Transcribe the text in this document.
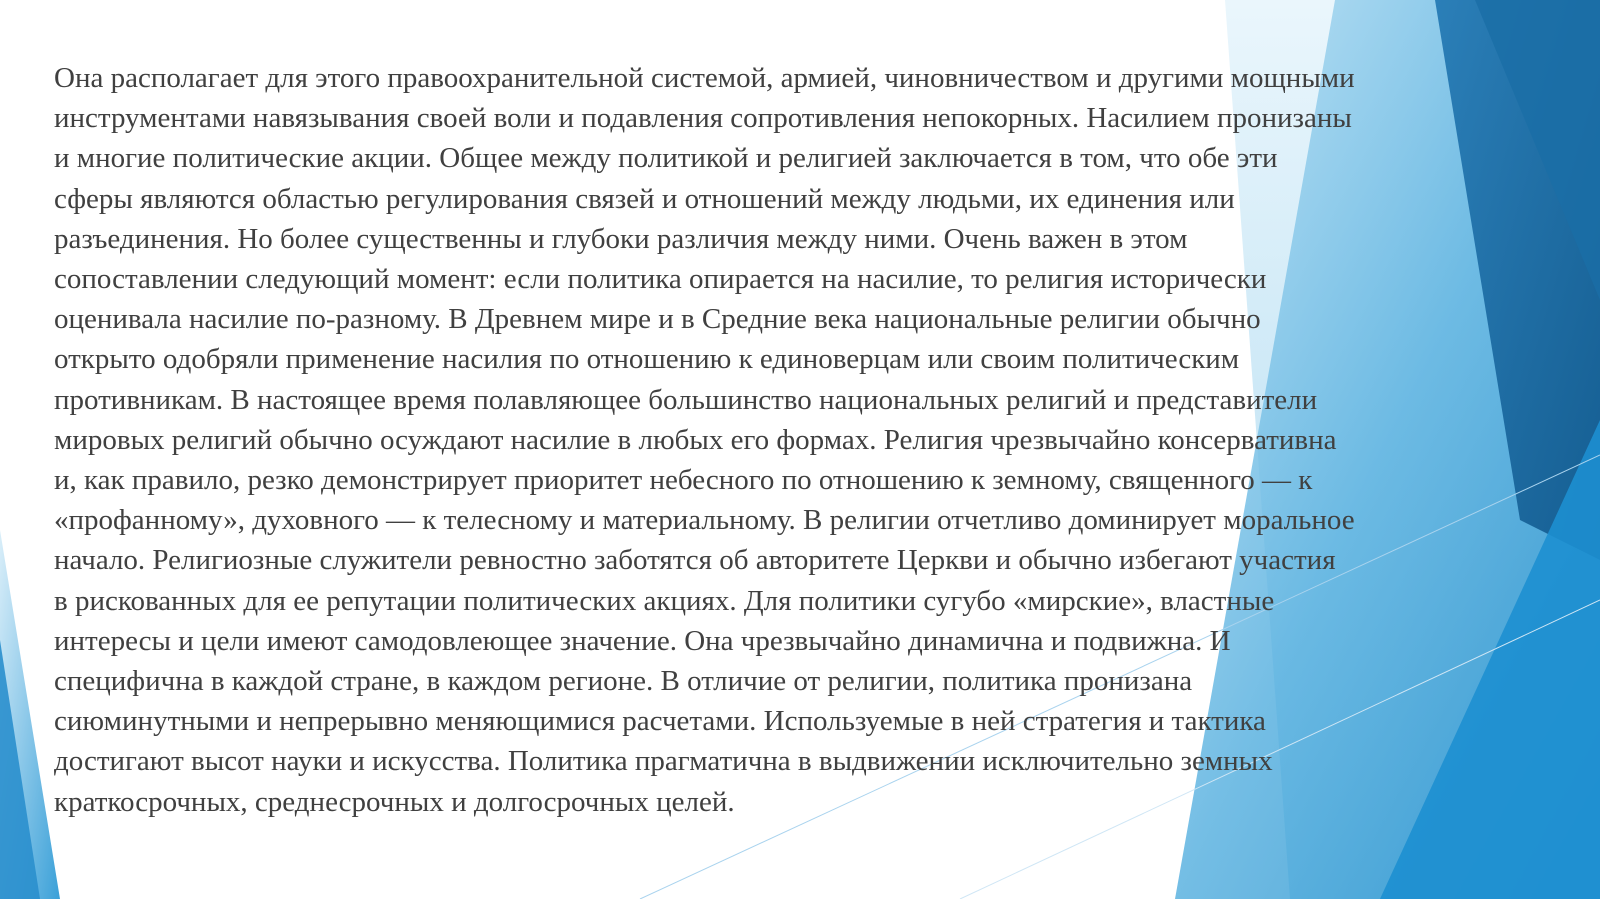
Она располагает для этого правоохранительной системой, армией, чиновничеством и другими мощными
инструментами навязывания своей воли и подавления сопротивления непокорных. Насилием пронизаны
и многие политические акции. Общее между политикой и религией заключается в том, что обе эти
сферы являются областью регулирования связей и отношений между людьми, их единения или
разъединения. Но более существенны и глубоки различия между ними. Очень важен в этом
сопоставлении следующий момент: если политика опирается на насилие, то религия исторически
оценивала насилие по-разному. В Древнем мире и в Средние века национальные религии обычно
открыто одобряли применение насилия по отношению к единоверцам или своим политическим
противникам. В настоящее время полавляющее большинство национальных религий и представители
мировых религий обычно осуждают насилие в любых его формах. Религия чрезвычайно консервативна
и, как правило, резко демонстрирует приоритет небесного по отношению к земному, священного — к
«профанному», духовного — к телесному и материальному. В религии отчетливо доминирует моральное
начало. Религиозные служители ревностно заботятся об авторитете Церкви и обычно избегают участия
в рискованных для ее репутации политических акциях. Для политики сугубо «мирские», властные
интересы и цели имеют самодовлеющее значение. Она чрезвычайно динамична и подвижна. И
специфична в каждой стране, в каждом регионе. В отличие от религии, политика пронизана
сиюминутными и непрерывно меняющимися расчетами. Используемые в ней стратегия и тактика
достигают высот науки и искусства. Политика прагматична в выдвижении исключительно земных
краткосрочных, среднесрочных и долгосрочных целей.
